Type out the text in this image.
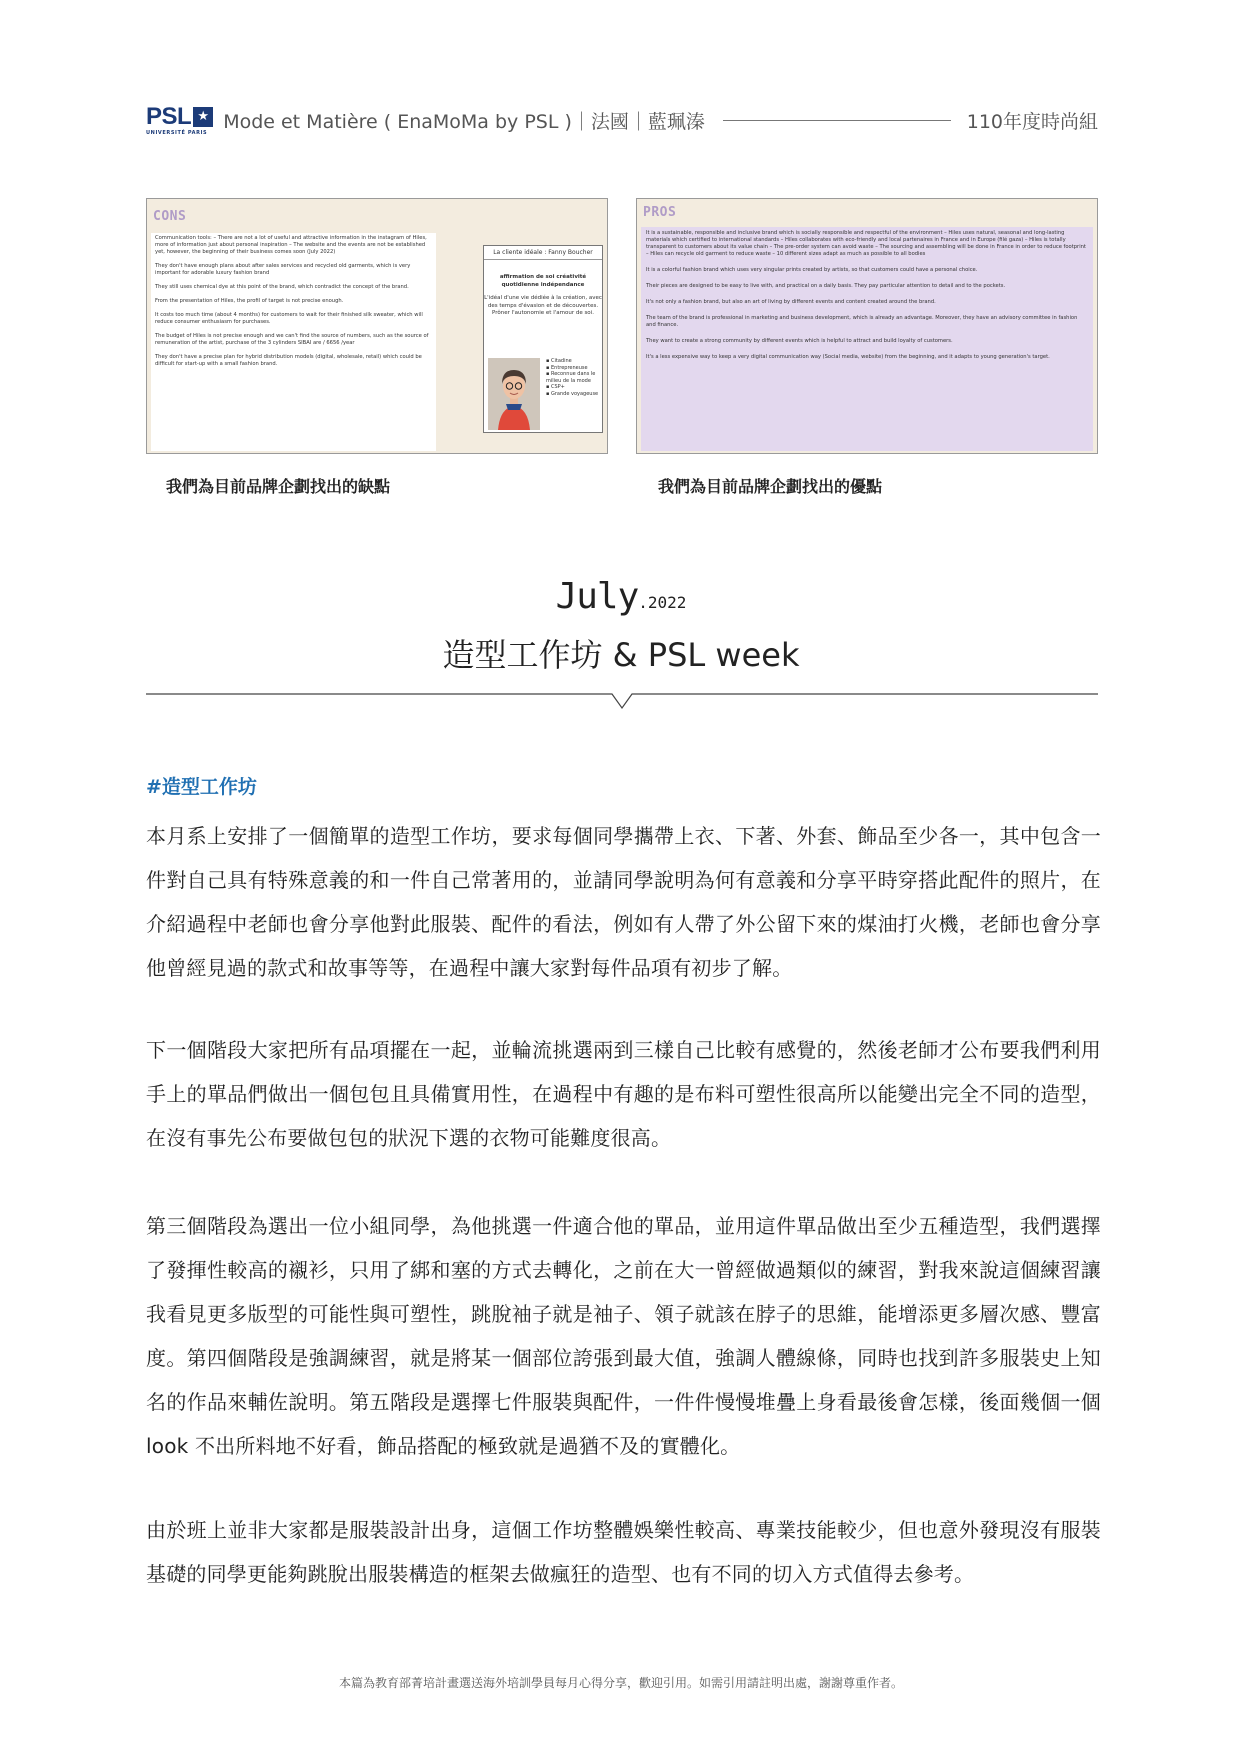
PSL ★
UNIVERSITÉ PARIS Mode et Matière ( EnaMoMa by PSL )｜法國｜藍珮溱	110年度時尚組
CONS

Communication tools: – There are not a lot of useful and attractive information in the instagram of Hiles, more of information just about personal inspiration – The website and the events are not be established yet, however, the beginning of their business comes soon (July 2022)

They don't have enough plans about after sales services and recycled old garments, which is very important for adorable luxury fashion brand

They still uses chemical dye at this point of the brand, which contradict the concept of the brand.

From the presentation of Hiles, the profil of target is not precise enough.

It costs too much time (about 4 months) for customers to wait for their finished silk sweater, which will reduce consumer enthusiasm for purchases.

The budget of Hiles is not precise enough and we can't find the source of numbers, such as the source of remuneration of the artist, purchase of the 3 cylinders SIBAI are / 6656 /year

They don't have a precise plan for hybrid distribution models (digital, wholesale, retail) which could be difficult for start-up with a small fashion brand.

La cliente idéale : Fanny Boucher
affirmation de soi créativité quotidienne indépendance
L'idéal d'une vie dédiée à la création, avec des temps d'évasion et de découvertes. Prôner l'autonomie et l'amour de soi.
▪ Citadine
▪ Entrepreneuse
▪ Reconnue dans le milieu de la mode
▪ CSP+
▪ Grande voyageuse
PROS

It is a sustainable, responsible and inclusive brand which is socially responsible and respectful of the environment – Hiles uses natural, seasonal and long-lasting materials which certified to international standards – Hiles collaborates with eco-friendly and local partenaires in France and in Europe (filé gaza) – Hiles is totally transparent to customers about its value chain – The pre-order system can avoid waste – The sourcing and assembling will be done in France in order to reduce footprint – Hiles can recycle old garment to reduce waste – 10 different sizes adapt as much as possible to all bodies

It is a colorful fashion brand which uses very singular prints created by artists, so that customers could have a personal choice.

Their pieces are designed to be easy to live with, and practical on a daily basis. They pay particular attention to detail and to the pockets.

It's not only a fashion brand, but also an art of living by different events and content created around the brand.

The team of the brand is professional in marketing and business development, which is already an advantage. Moreover, they have an advisory committee in fashion and finance.

They want to create a strong community by different events which is helpful to attract and build loyalty of customers.

It's a less expensive way to keep a very digital communication way (Social media, website) from the beginning, and it adapts to young generation's target.

我們為目前品牌企劃找出的缺點	我們為目前品牌企劃找出的優點
July.2022
造型工作坊 & PSL week
#造型工作坊

本月系上安排了一個簡單的造型工作坊，要求每個同學攜帶上衣、下著、外套、飾品至少各一，其中包含一件對自己具有特殊意義的和一件自己常著用的，並請同學說明為何有意義和分享平時穿搭此配件的照片，在介紹過程中老師也會分享他對此服裝、配件的看法，例如有人帶了外公留下來的煤油打火機，老師也會分享他曾經見過的款式和故事等等，在過程中讓大家對每件品項有初步了解。

下一個階段大家把所有品項擺在一起，並輪流挑選兩到三樣自己比較有感覺的，然後老師才公布要我們利用手上的單品們做出一個包包且具備實用性，在過程中有趣的是布料可塑性很高所以能變出完全不同的造型，在沒有事先公布要做包包的狀況下選的衣物可能難度很高。

第三個階段為選出一位小組同學，為他挑選一件適合他的單品，並用這件單品做出至少五種造型，我們選擇了發揮性較高的襯衫，只用了綁和塞的方式去轉化，之前在大一曾經做過類似的練習，對我來說這個練習讓我看見更多版型的可能性與可塑性，跳脫袖子就是袖子、領子就該在脖子的思維，能增添更多層次感、豐富度。第四個階段是強調練習，就是將某一個部位誇張到最大值，強調人體線條，同時也找到許多服裝史上知名的作品來輔佐說明。第五階段是選擇七件服裝與配件，一件件慢慢堆疊上身看最後會怎樣，後面幾個一個 look 不出所料地不好看，飾品搭配的極致就是過猶不及的實體化。

由於班上並非大家都是服裝設計出身，這個工作坊整體娛樂性較高、專業技能較少，但也意外發現沒有服裝基礎的同學更能夠跳脫出服裝構造的框架去做瘋狂的造型、也有不同的切入方式值得去參考。

本篇為教育部菁培計畫選送海外培訓學員每月心得分享，歡迎引用。如需引用請註明出處，謝謝尊重作者。
